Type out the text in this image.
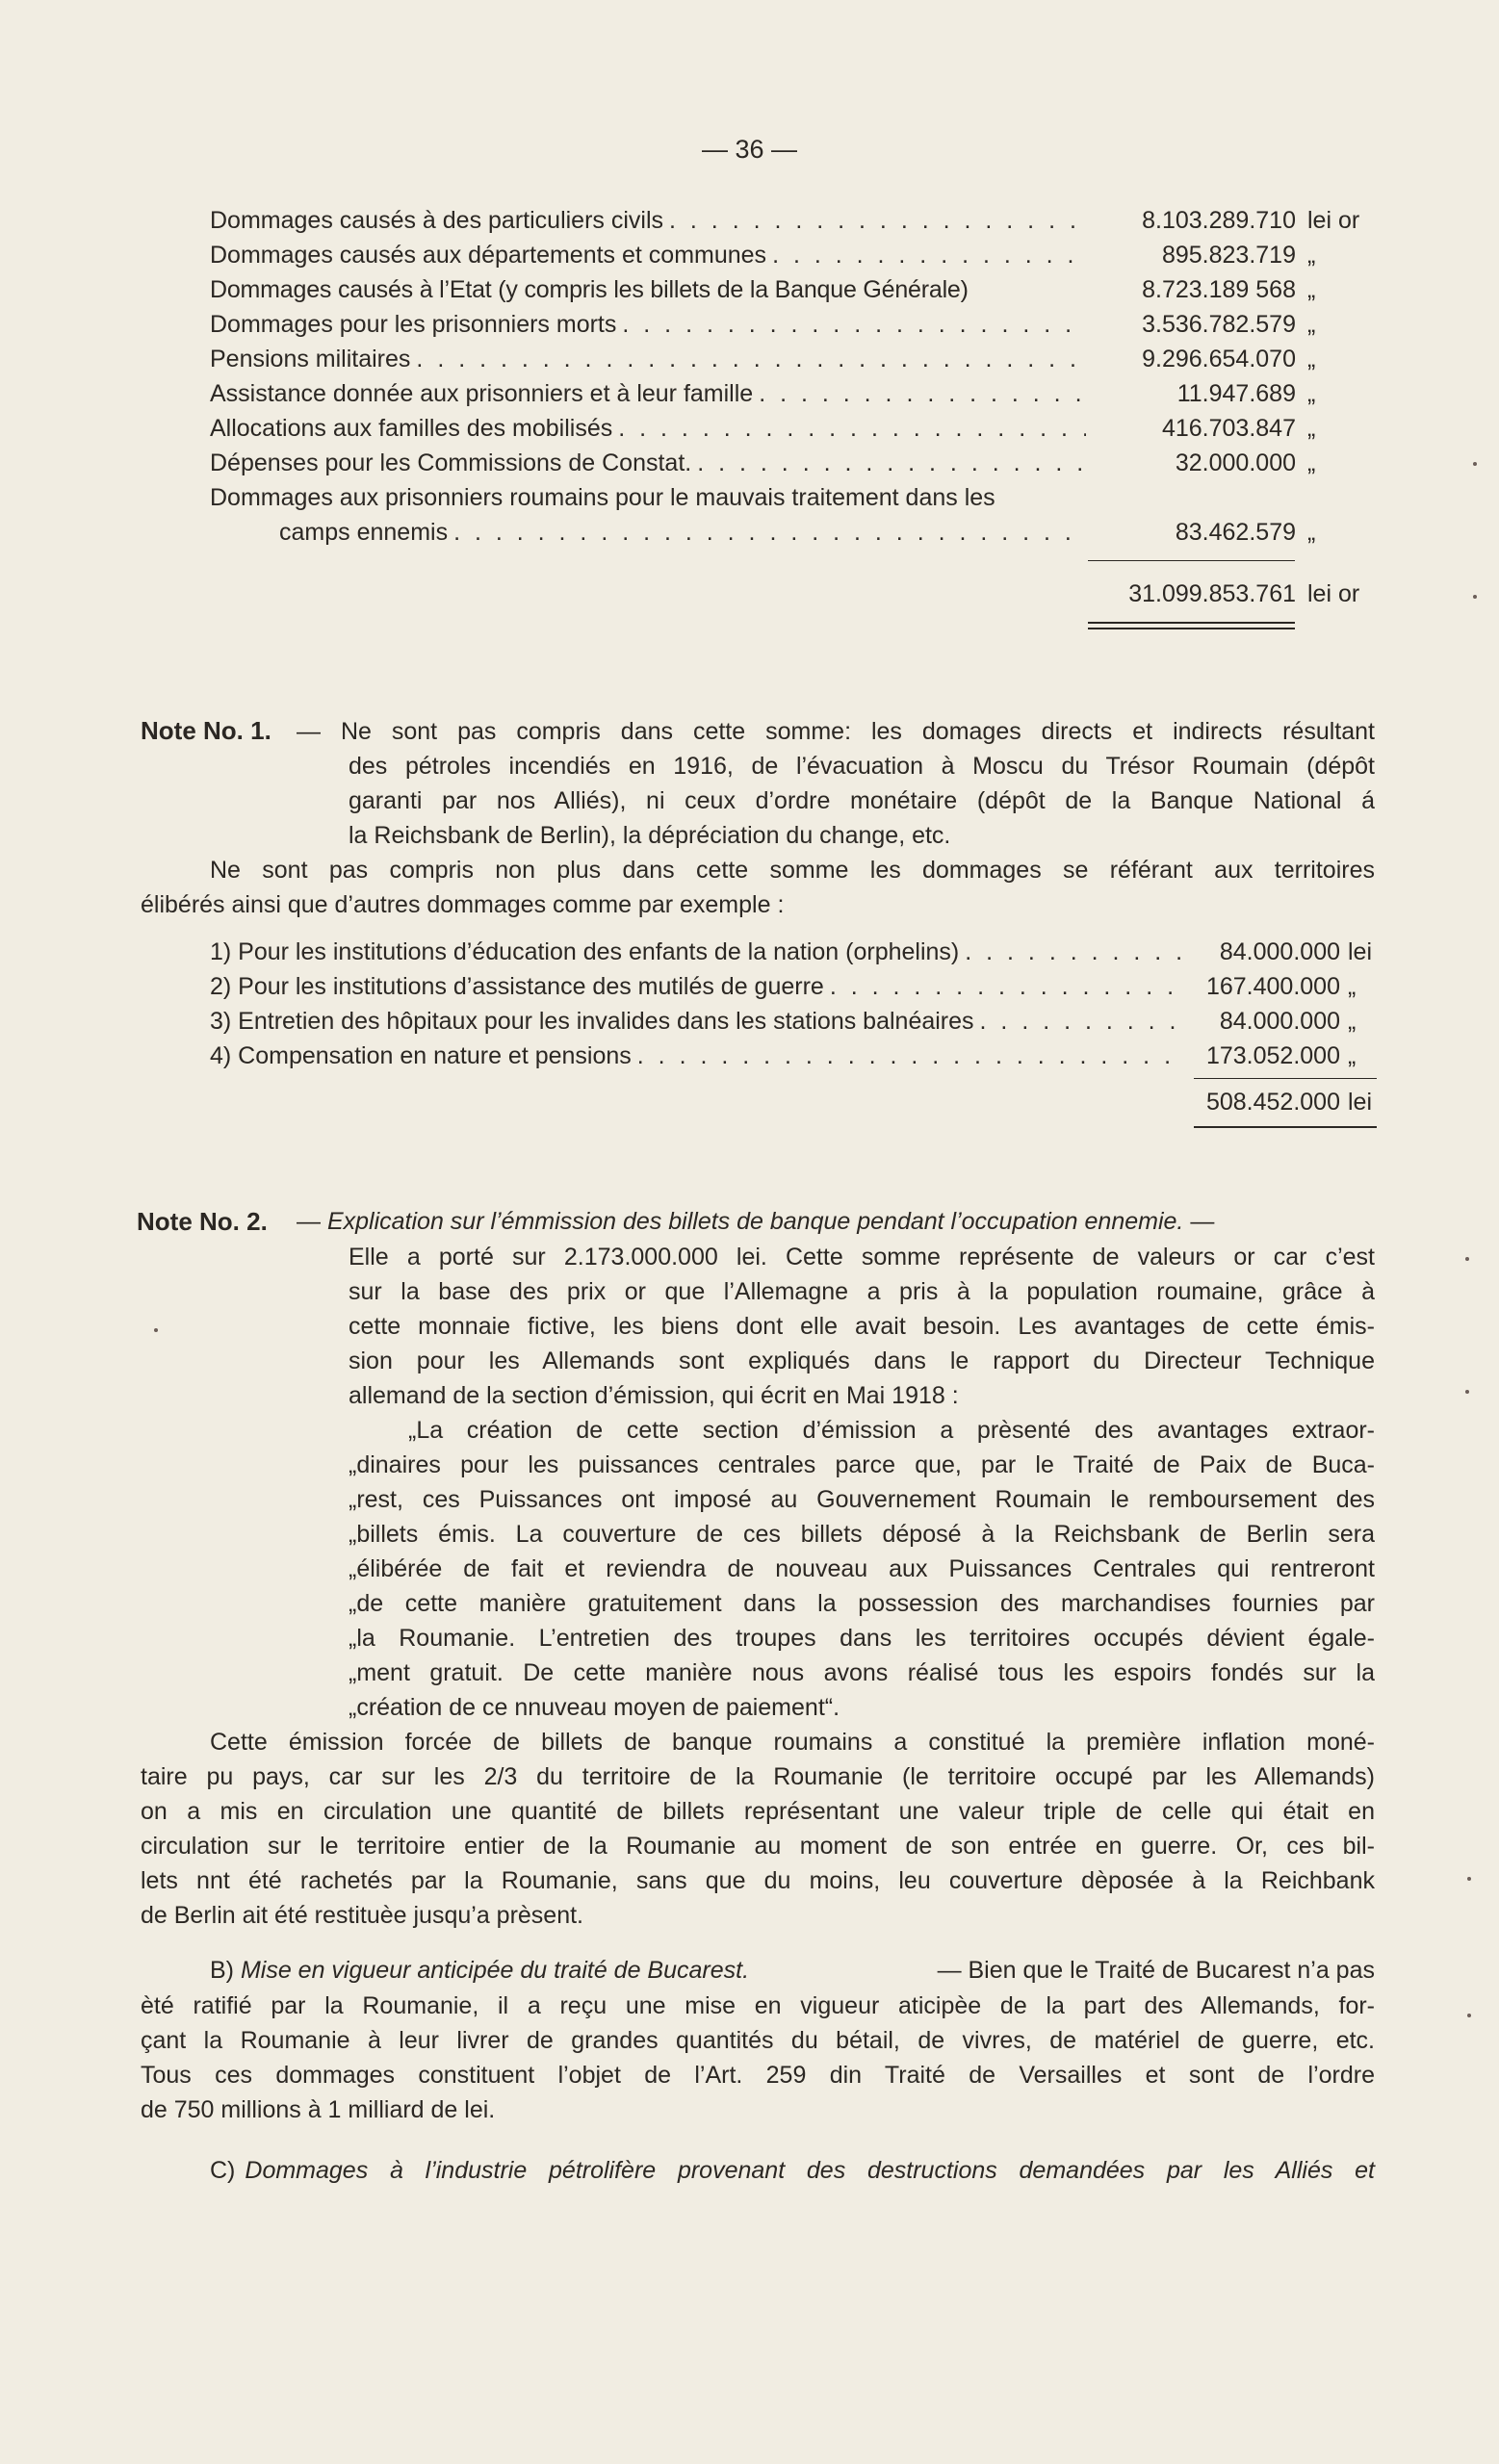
— 36 —
Dommages causés à des particuliers civils . . .	8.103.289.710 lei or
Dommages causés aux départements et communes . . .	895.823.719 „
Dommages causés à l’Etat (y compris les billets de la Banque Générale)	8.723.189 568 „
Dommages pour les prisonniers morts . . .	3.536.782.579 „
Pensions militaires . . .	9.296.654.070 „
Assistance donnée aux prisonniers et à leur famille . . .	11.947.689 „
Allocations aux familles des mobilisés . . .	416.703.847 „
Dépenses pour les Commissions de Constat. . . .	32.000.000 „
Dommages aux prisonniers roumains pour le mauvais traitement dans les
camps ennemis . . .	83.462.579 „
31.099.853.761 lei or
Note No. 1. — Ne sont pas compris dans cette somme: les domages directs et indirects résultant
des pétroles incendiés en 1916, de l’évacuation à Moscu du Trésor Roumain (dépôt
garanti par nos Alliés), ni ceux d’ordre monétaire (dépôt de la Banque National á
la Reichsbank de Berlin), la dépréciation du change, etc.
Ne sont pas compris non plus dans cette somme les dommages se référant aux territoires
élibérés ainsi que d’autres dommages comme par exemple :
1) Pour les institutions d’éducation des enfants de la nation (orphelins) . . .	84.000.000 lei
2) Pour les institutions d’assistance des mutilés de guerre . . .	167.400.000 „
3) Entretien des hôpitaux pour les invalides dans les stations balnéaires . . .	84.000.000 „
4) Compensation en nature et pensions . . .	173.052.000 „
508.452.000 lei
Note No. 2. — Explication sur l’émmission des billets de banque pendant l’occupation ennemie. —
Elle a porté sur 2.173.000.000 lei. Cette somme représente de valeurs or car c’est
sur la base des prix or que l’Allemagne a pris à la population roumaine, grâce à
cette monnaie fictive, les biens dont elle avait besoin. Les avantages de cette émis-
sion pour les Allemands sont expliqués dans le rapport du Directeur Technique
allemand de la section d’émission, qui écrit en Mai 1918 :
„La création de cette section d’émission a prèsenté des avantages extraor-
„dinaires pour les puissances centrales parce que, par le Traité de Paix de Buca-
„rest, ces Puissances ont imposé au Gouvernement Roumain le remboursement des
„billets émis. La couverture de ces billets déposé à la Reichsbank de Berlin sera
„élibérée de fait et reviendra de nouveau aux Puissances Centrales qui rentreront
„de cette manière gratuitement dans la possession des marchandises fournies par
„la Roumanie. L’entretien des troupes dans les territoires occupés dévient égale-
„ment gratuit. De cette manière nous avons réalisé tous les espoirs fondés sur la
„création de ce nnuveau moyen de paiement“.
Cette émission forcée de billets de banque roumains a constitué la première inflation moné-
taire pu pays, car sur les 2/3 du territoire de la Roumanie (le territoire occupé par les Allemands)
on a mis en circulation une quantité de billets représentant une valeur triple de celle qui était en
circulation sur le territoire entier de la Roumanie au moment de son entrée en guerre. Or, ces bil-
lets nnt été rachetés par la Roumanie, sans que du moins, leu couverture dèposée à la Reichbank
de Berlin ait été restituèe jusqu’a prèsent.
B) Mise en vigueur anticipée du traité de Bucarest.	— Bien que le Traité de Bucarest n’a pas
èté ratifié par la Roumanie, il a reçu une mise en vigueur aticipèe de la part des Allemands, for-
çant la Roumanie à leur livrer de grandes quantités du bétail, de vivres, de matériel de guerre, etc.
Tous ces dommages constituent l’objet de l’Art. 259 din Traité de Versailles et sont de l’ordre
de 750 millions à 1 milliard de lei.
C) Dommages à l’industrie pétrolifère provenant des destructions demandées par les Alliés et
